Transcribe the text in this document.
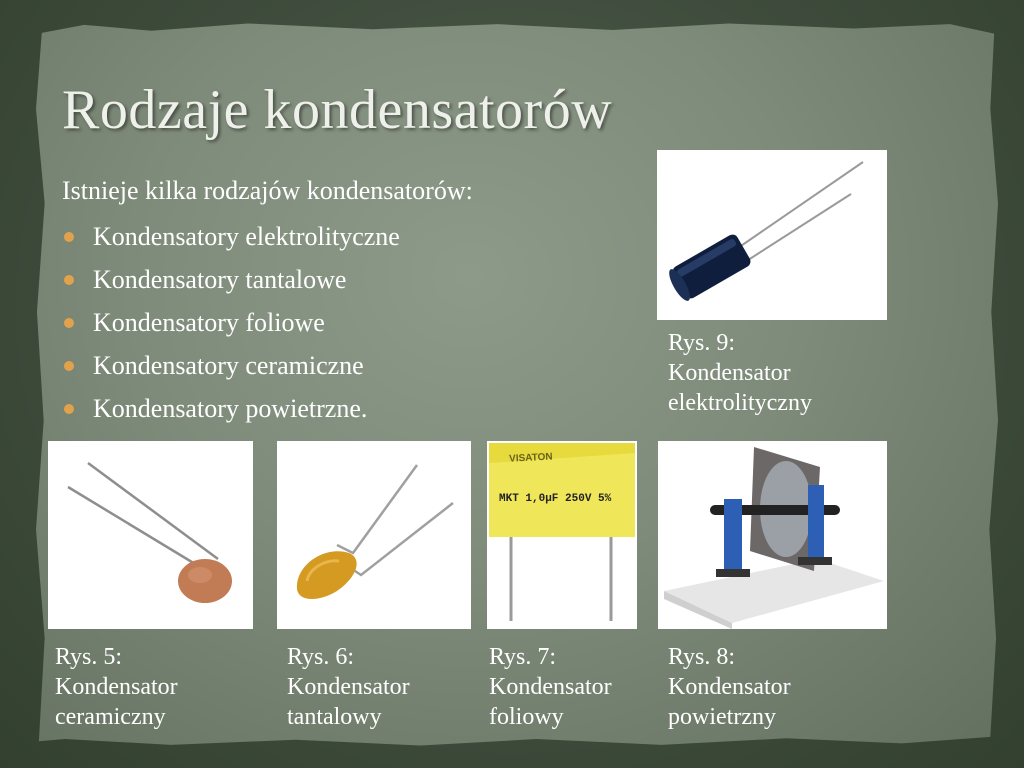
Rodzaje kondensatorów

Istnieje kilka rodzajów kondensatorów:

Kondensatory elektrolityczne
Kondensatory tantalowe
Kondensatory foliowe
Kondensatory ceramiczne
Kondensatory powietrzne.
Rys. 9:
Kondensator
elektrolityczny
Rys. 5:
Kondensator
ceramiczny
Rys. 6:
Kondensator
tantalowy
VISATON
MKT 1,0µF 250V 5%
Rys. 7:
Kondensator
foliowy
Rys. 8:
Kondensator
powietrzny
